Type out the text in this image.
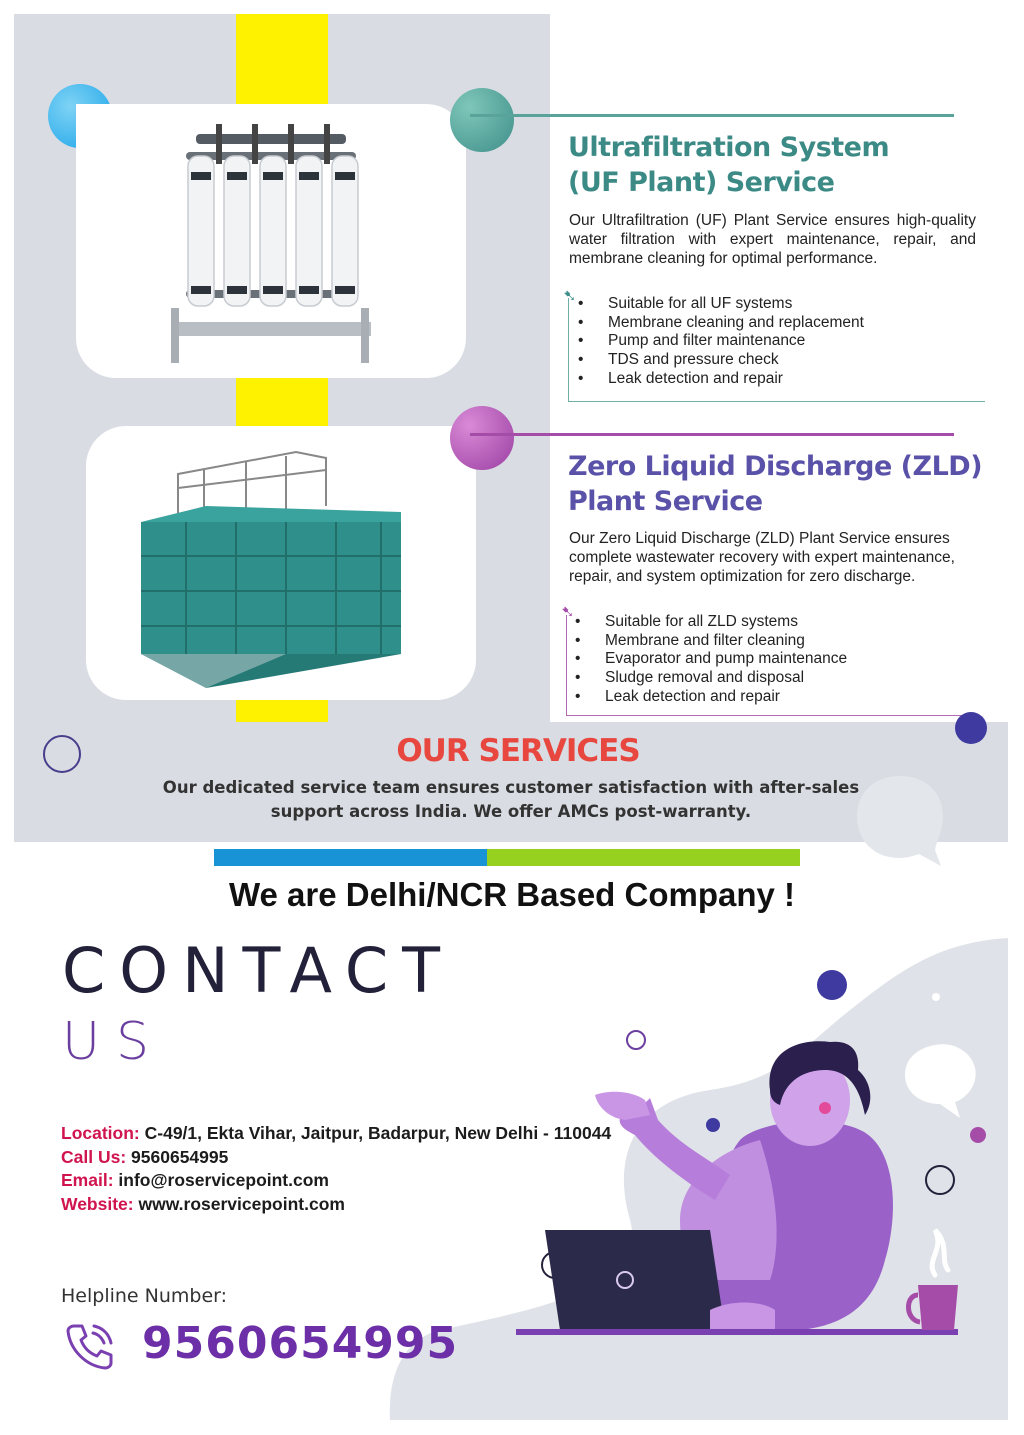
Ultrafiltration System
(UF Plant) Service
Our Ultrafiltration (UF) Plant Service ensures high-quality water filtration with expert maintenance, repair, and membrane cleaning for optimal performance.
➷
•	Suitable for all UF systems
• Membrane cleaning and replacement
• Pump and filter maintenance
• TDS and pressure check
• Leak detection and repair
Zero Liquid Discharge (ZLD)
Plant Service
Our Zero Liquid Discharge (ZLD) Plant Service ensures complete wastewater recovery with expert maintenance, repair, and system optimization for zero discharge.
➷
• Suitable for all ZLD systems
• Membrane and filter cleaning
• Evaporator and pump maintenance
• Sludge removal and disposal
• Leak detection and repair
OUR SERVICES
Our dedicated service team ensures customer satisfaction with after-sales
support across India. We offer AMCs post-warranty.
We are Delhi/NCR Based Company !
CONTACT
US
Location: C-49/1, Ekta Vihar, Jaitpur, Badarpur, New Delhi - 110044
Call Us: 9560654995
Email: info@roservicepoint.com
Website: www.roservicepoint.com
Helpline Number:
9560654995
